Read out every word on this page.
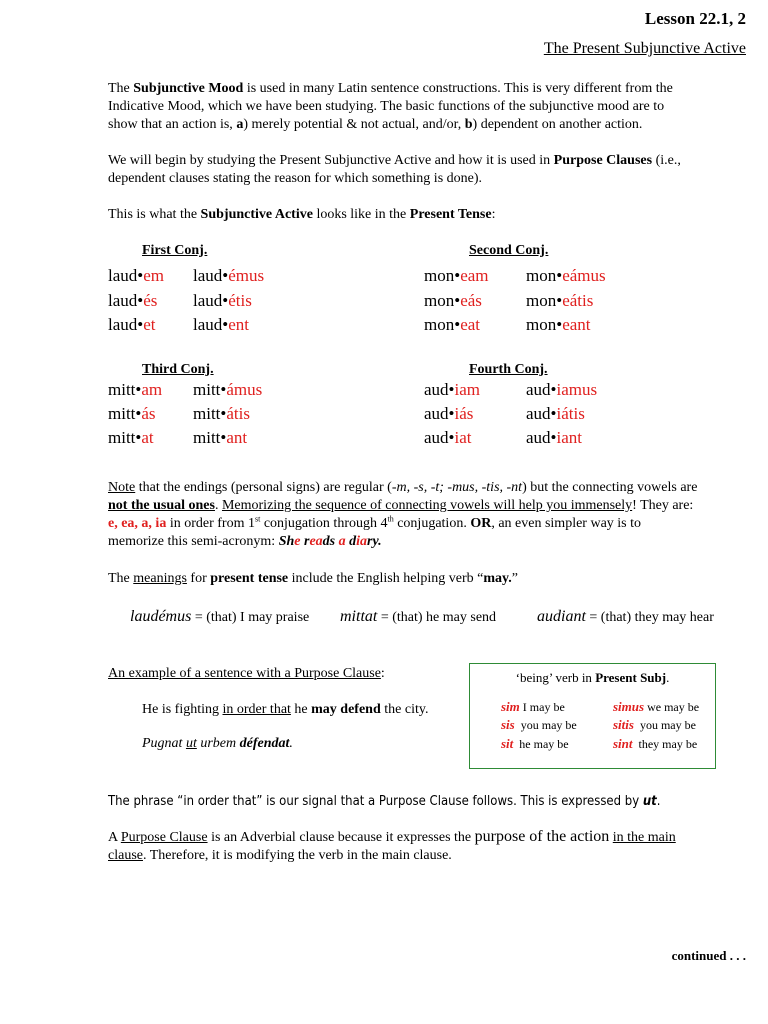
Lesson 22.1, 2
The Present Subjunctive Active
The Subjunctive Mood is used in many Latin sentence constructions. This is very different from the
Indicative Mood, which we have been studying. The basic functions of the subjunctive mood are to
show that an action is, a) merely potential & not actual, and/or, b) dependent on another action.
We will begin by studying the Present Subjunctive Active and how it is used in Purpose Clauses (i.e.,
dependent clauses stating the reason for which something is done).
This is what the Subjunctive Active looks like in the Present Tense:
First Conj.	Second Conj.
Third Conj.	Fourth Conj.
laud•em laud•émus
laud•és laud•étis
laud•et laud•ent
mon•eam mon•eámus
mon•eás	mon•eátis
mon•eat	mon•eant
mitt•am mitt•ámus
mitt•ás mitt•átis
mitt•at mitt•ant
aud•iam	aud•iamus
aud•iás	aud•iátis
aud•iat	aud•iant
Note that the endings (personal signs) are regular (-m, -s, -t; -mus, -tis, -nt) but the connecting vowels are
not the usual ones. Memorizing the sequence of connecting vowels will help you immensely! They are:
e, ea, a, ia in order from 1st conjugation through 4th conjugation. OR, an even simpler way is to
memorize this semi-acronym: She reads a diary.
The meanings for present tense include the English helping verb “may.”
laudémus = (that) I may praise mittat = (that) he may send	audiant = (that) they may hear
An example of a sentence with a Purpose Clause:
He is fighting in order that he may defend the city.
Pugnat ut urbem défendat.
‘being’ verb in Present Subj.
sim I may be	simus we may be
sis you may be	sitis you may be
sit he may be	sint they may be
The phrase “in order that” is our signal that a Purpose Clause follows. This is expressed by ut.
A Purpose Clause is an Adverbial clause because it expresses the purpose of the action in the main
clause. Therefore, it is modifying the verb in the main clause.
continued . . .
